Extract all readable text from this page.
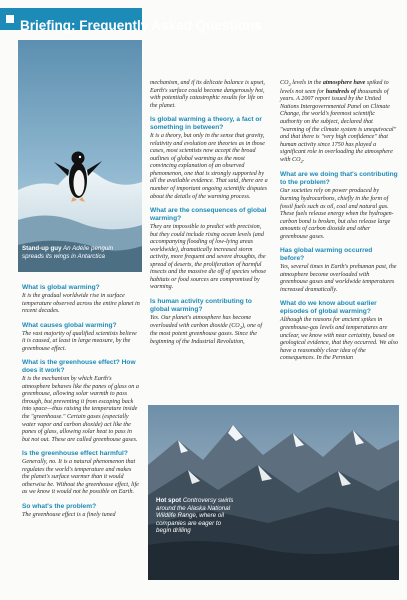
Briefing: Frequently Asked Questions
Stand-up guy An Adélie penguin spreads its wings in Antarctica
What is global warming?
It is the gradual worldwide rise in surface temperature observed across the entire planet in recent decades.
What causes global warming?
The vast majority of qualified scientists believe it is caused, at least in large measure, by the greenhouse effect.
What is the greenhouse effect? How does it work?
It is the mechanism by which Earth's atmosphere behaves like the panes of glass on a greenhouse, allowing solar warmth to pass through, but preventing it from escaping back into space—thus raising the temperature inside the "greenhouse." Certain gases (especially water vapor and carbon dioxide) act like the panes of glass, allowing solar heat to pass in but not out. These are called greenhouse gases.
Is the greenhouse effect harmful?
Generally, no. It is a natural phenomenon that regulates the world's temperature and makes the planet's surface warmer than it would otherwise be. Without the greenhouse effect, life as we know it would not be possible on Earth.
So what's the problem?
The greenhouse effect is a finely tuned
mechanism, and if its delicate balance is upset, Earth's surface could become dangerously hot, with potentially catastrophic results for life on the planet.
Is global warming a theory, a fact or something in between?
It is a theory, but only in the sense that gravity, relativity and evolution are theories as in those cases, most scientists now accept the broad outlines of global warming as the most convincing explanation of an observed phenomenon, one that is strongly supported by all the available evidence. That said, there are a number of important ongoing scientific disputes about the details of the warming process.
What are the consequences of global warming?
They are impossible to predict with precision, but they could include rising ocean levels (and accompanying flooding of low-lying areas worldwide), dramatically increased storm activity, more frequent and severe droughts, the spread of deserts, the proliferation of harmful insects and the massive die off of species whose habitats or food sources are compromised by warming.
Is human activity contributing to global warming?
Yes. Our planet's atmosphere has become overloaded with carbon dioxide $(CO_2)$, one of the most potent greenhouse gases. Since the beginning of the Industrial Revolution,
$CO_2$ levels in the atmosphere have spiked to levels not seen for hundreds of thousands of years. A 2007 report issued by the United Nations Intergovernmental Panel on Climate Change, the world's foremost scientific authority on the subject, declared that "warming of the climate system is unequivocal" and that there is "very high confidence" that human activity since 1750 has played a significant role in overloading the atmosphere with $CO_2$.
What are we doing that's contributing to the problem?
Our societies rely on power produced by burning hydrocarbons, chiefly in the form of fossil fuels such as oil, coal and natural gas. These fuels release energy when the hydrogen-carbon bond is broken, but also release large amounts of carbon dioxide and other greenhouse gases.
Has global warming occurred before?
Yes, several times in Earth's prehuman past, the atmosphere become overloaded with greenhouse gases and worldwide temperatures increased dramatically.
What do we know about earlier episodes of global warming?
Although the reasons for ancient spikes in greenhouse-gas levels and temperatures are unclear, we know with near certainty, based on geological evidence, that they occurred. We also have a reasonably clear idea of the consequences. In the Permian
Hot spot Controversy swirls around the Alaska National Wildlife Range, where oil companies are eager to begin drilling
